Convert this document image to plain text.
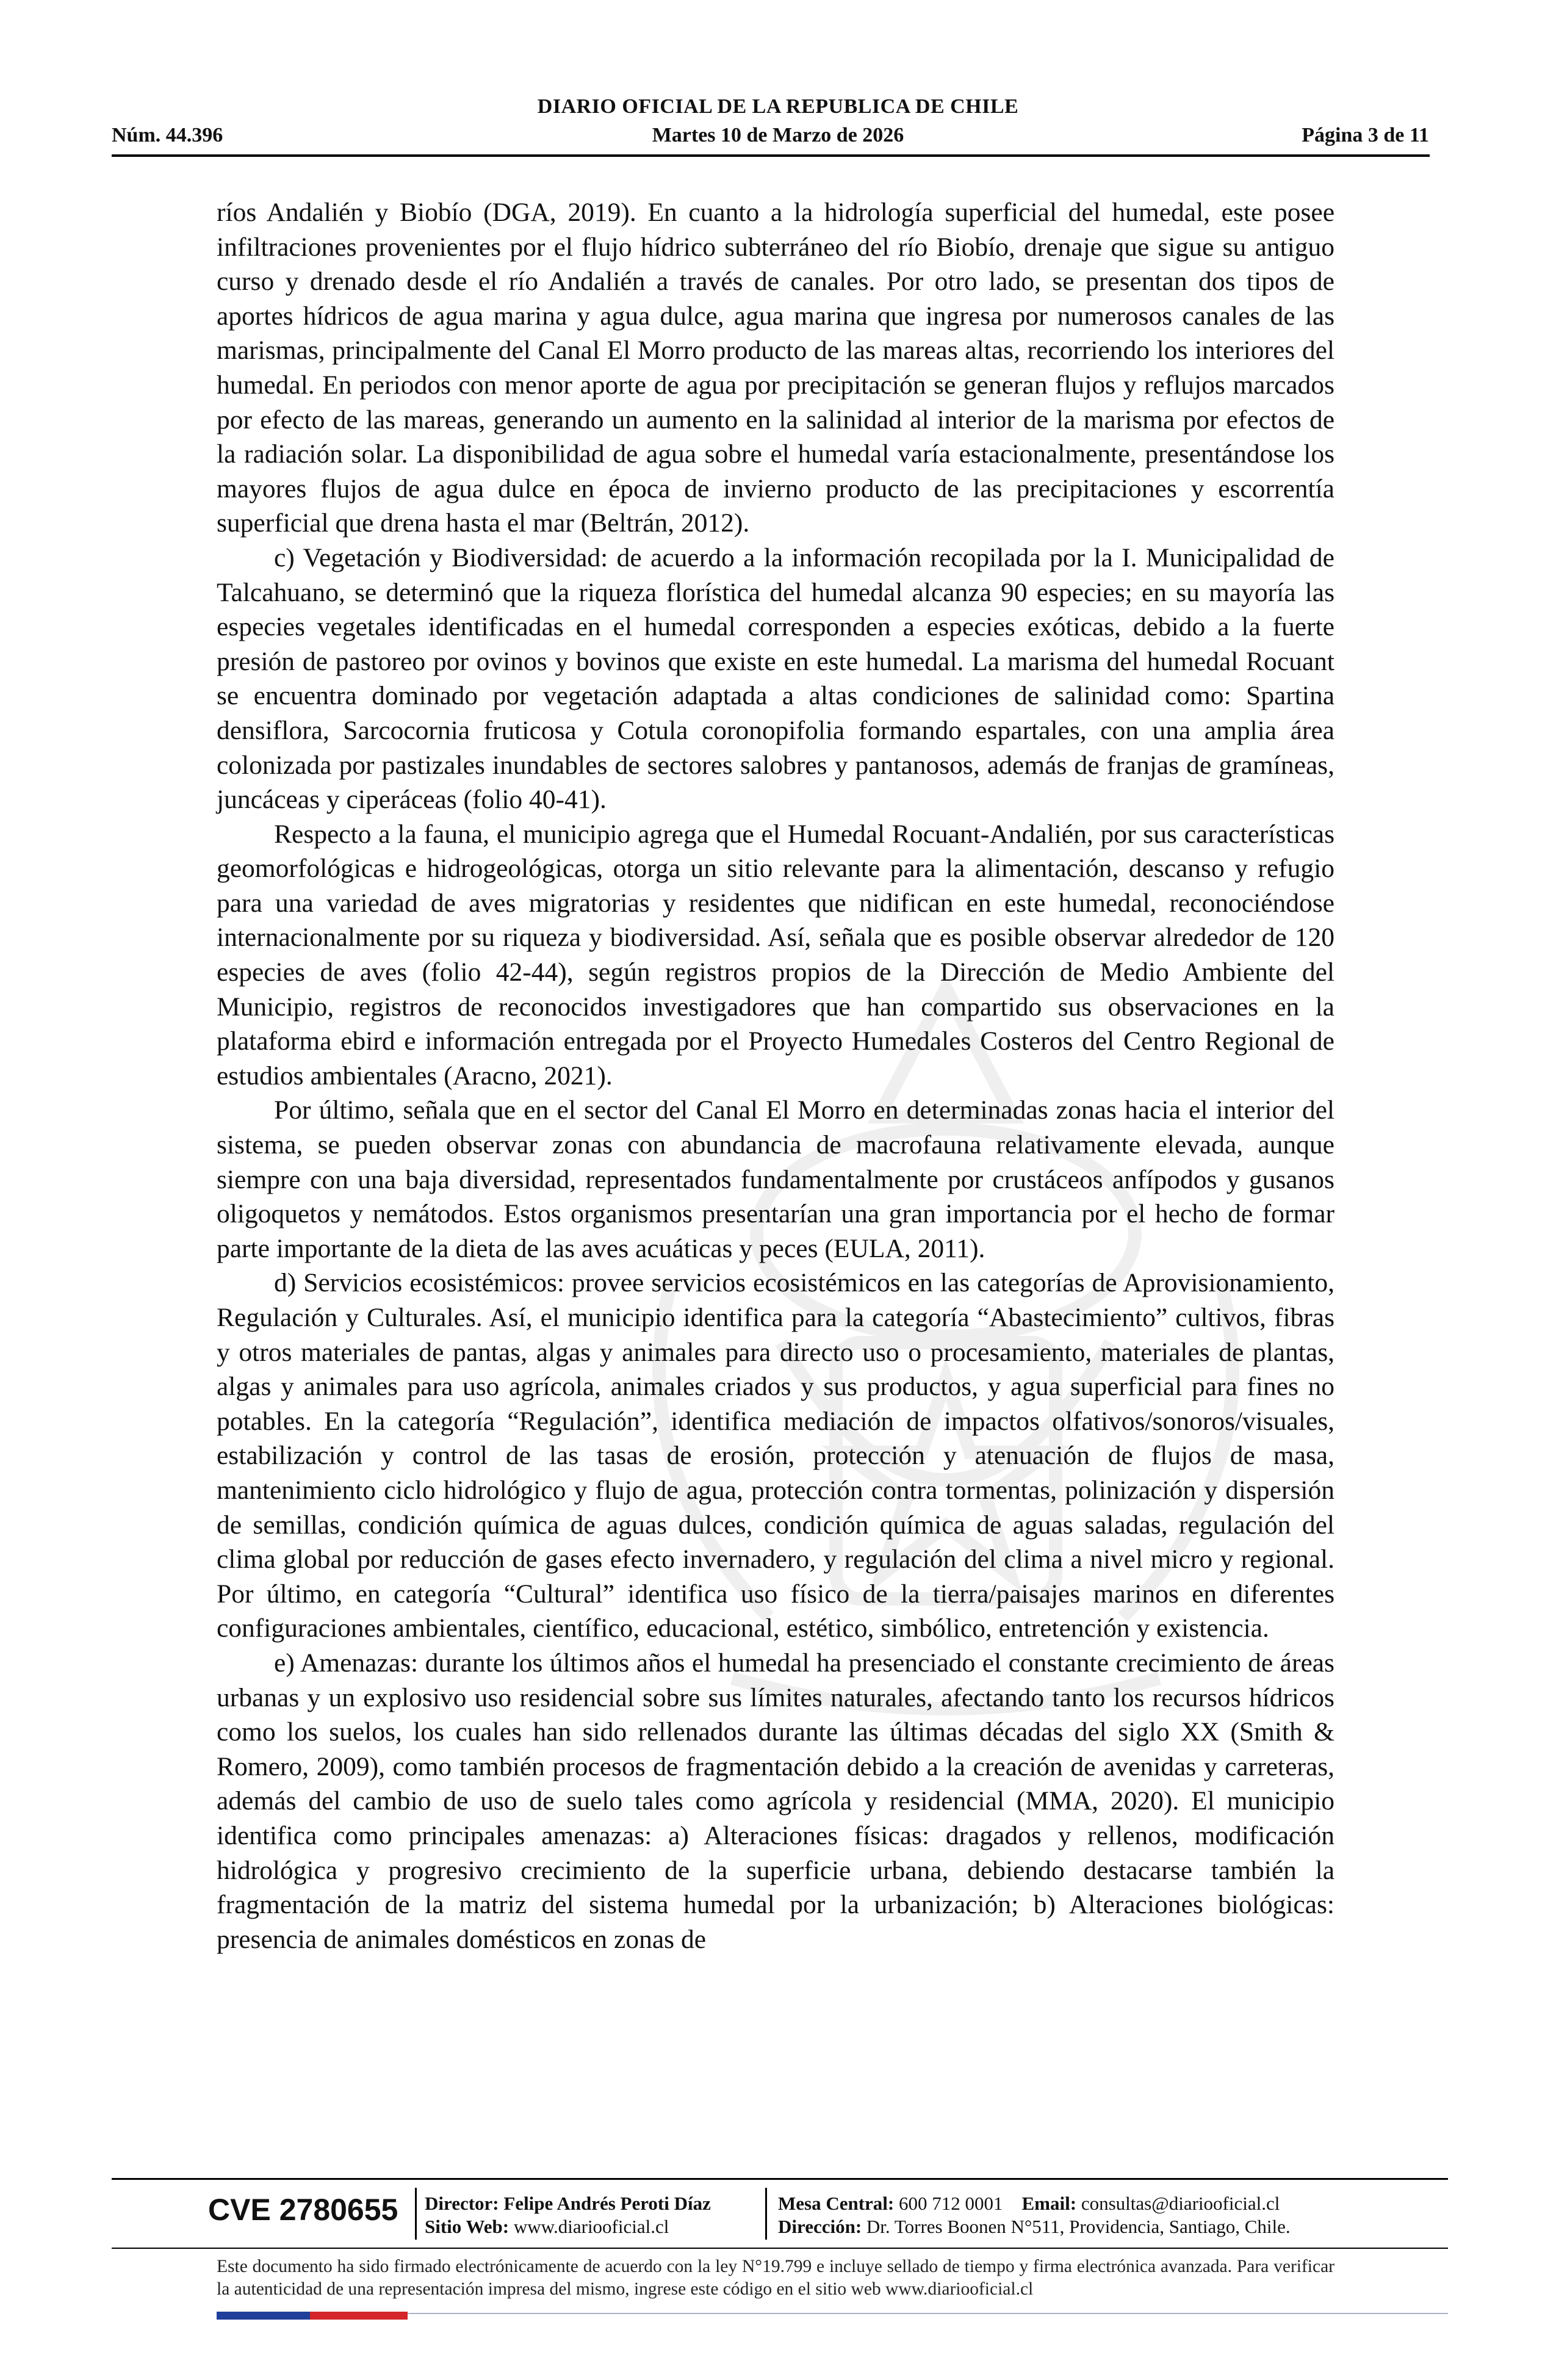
DIARIO OFICIAL DE LA REPUBLICA DE CHILE
Núm. 44.396	Martes 10 de Marzo de 2026	Página 3 de 11

ríos Andalién y Biobío (DGA, 2019). En cuanto a la hidrología superficial del humedal, este posee infiltraciones provenientes por el flujo hídrico subterráneo del río Biobío, drenaje que sigue su antiguo curso y drenado desde el río Andalién a través de canales. Por otro lado, se presentan dos tipos de aportes hídricos de agua marina y agua dulce, agua marina que ingresa por numerosos canales de las marismas, principalmente del Canal El Morro producto de las mareas altas, recorriendo los interiores del humedal. En periodos con menor aporte de agua por precipitación se generan flujos y reflujos marcados por efecto de las mareas, generando un aumento en la salinidad al interior de la marisma por efectos de la radiación solar. La disponibilidad de agua sobre el humedal varía estacionalmente, presentándose los mayores flujos de agua dulce en época de invierno producto de las precipitaciones y escorrentía superficial que drena hasta el mar (Beltrán, 2012).

c) Vegetación y Biodiversidad: de acuerdo a la información recopilada por la I. Municipalidad de Talcahuano, se determinó que la riqueza florística del humedal alcanza 90 especies; en su mayoría las especies vegetales identificadas en el humedal corresponden a especies exóticas, debido a la fuerte presión de pastoreo por ovinos y bovinos que existe en este humedal. La marisma del humedal Rocuant se encuentra dominado por vegetación adaptada a altas condiciones de salinidad como: Spartina densiflora, Sarcocornia fruticosa y Cotula coronopifolia formando espartales, con una amplia área colonizada por pastizales inundables de sectores salobres y pantanosos, además de franjas de gramíneas, juncáceas y ciperáceas (folio 40-41).

Respecto a la fauna, el municipio agrega que el Humedal Rocuant-Andalién, por sus características geomorfológicas e hidrogeológicas, otorga un sitio relevante para la alimentación, descanso y refugio para una variedad de aves migratorias y residentes que nidifican en este humedal, reconociéndose internacionalmente por su riqueza y biodiversidad. Así, señala que es posible observar alrededor de 120 especies de aves (folio 42-44), según registros propios de la Dirección de Medio Ambiente del Municipio, registros de reconocidos investigadores que han compartido sus observaciones en la plataforma ebird e información entregada por el Proyecto Humedales Costeros del Centro Regional de estudios ambientales (Aracno, 2021).

Por último, señala que en el sector del Canal El Morro en determinadas zonas hacia el interior del sistema, se pueden observar zonas con abundancia de macrofauna relativamente elevada, aunque siempre con una baja diversidad, representados fundamentalmente por crustáceos anfípodos y gusanos oligoquetos y nemátodos. Estos organismos presentarían una gran importancia por el hecho de formar parte importante de la dieta de las aves acuáticas y peces (EULA, 2011).

d) Servicios ecosistémicos: provee servicios ecosistémicos en las categorías de Aprovisionamiento, Regulación y Culturales. Así, el municipio identifica para la categoría “Abastecimiento” cultivos, fibras y otros materiales de pantas, algas y animales para directo uso o procesamiento, materiales de plantas, algas y animales para uso agrícola, animales criados y sus productos, y agua superficial para fines no potables. En la categoría “Regulación”, identifica mediación de impactos olfativos/sonoros/visuales, estabilización y control de las tasas de erosión, protección y atenuación de flujos de masa, mantenimiento ciclo hidrológico y flujo de agua, protección contra tormentas, polinización y dispersión de semillas, condición química de aguas dulces, condición química de aguas saladas, regulación del clima global por reducción de gases efecto invernadero, y regulación del clima a nivel micro y regional. Por último, en categoría “Cultural” identifica uso físico de la tierra/paisajes marinos en diferentes configuraciones ambientales, científico, educacional, estético, simbólico, entretención y existencia.

e) Amenazas: durante los últimos años el humedal ha presenciado el constante crecimiento de áreas urbanas y un explosivo uso residencial sobre sus límites naturales, afectando tanto los recursos hídricos como los suelos, los cuales han sido rellenados durante las últimas décadas del siglo XX (Smith & Romero, 2009), como también procesos de fragmentación debido a la creación de avenidas y carreteras, además del cambio de uso de suelo tales como agrícola y residencial (MMA, 2020). El municipio identifica como principales amenazas: a) Alteraciones físicas: dragados y rellenos, modificación hidrológica y progresivo crecimiento de la superficie urbana, debiendo destacarse también la fragmentación de la matriz del sistema humedal por la urbanización; b) Alteraciones biológicas: presencia de animales domésticos en zonas de

CVE 2780655 Director: Felipe Andrés Peroti Díaz
Sitio Web: www.diariooficial.cl
Mesa Central: 600 712 0001 Email: consultas@diariooficial.cl
Dirección: Dr. Torres Boonen N°511, Providencia, Santiago, Chile.
Este documento ha sido firmado electrónicamente de acuerdo con la ley N°19.799 e incluye sellado de tiempo y firma electrónica avanzada. Para verificar la autenticidad de una representación impresa del mismo, ingrese este código en el sitio web www.diariooficial.cl
